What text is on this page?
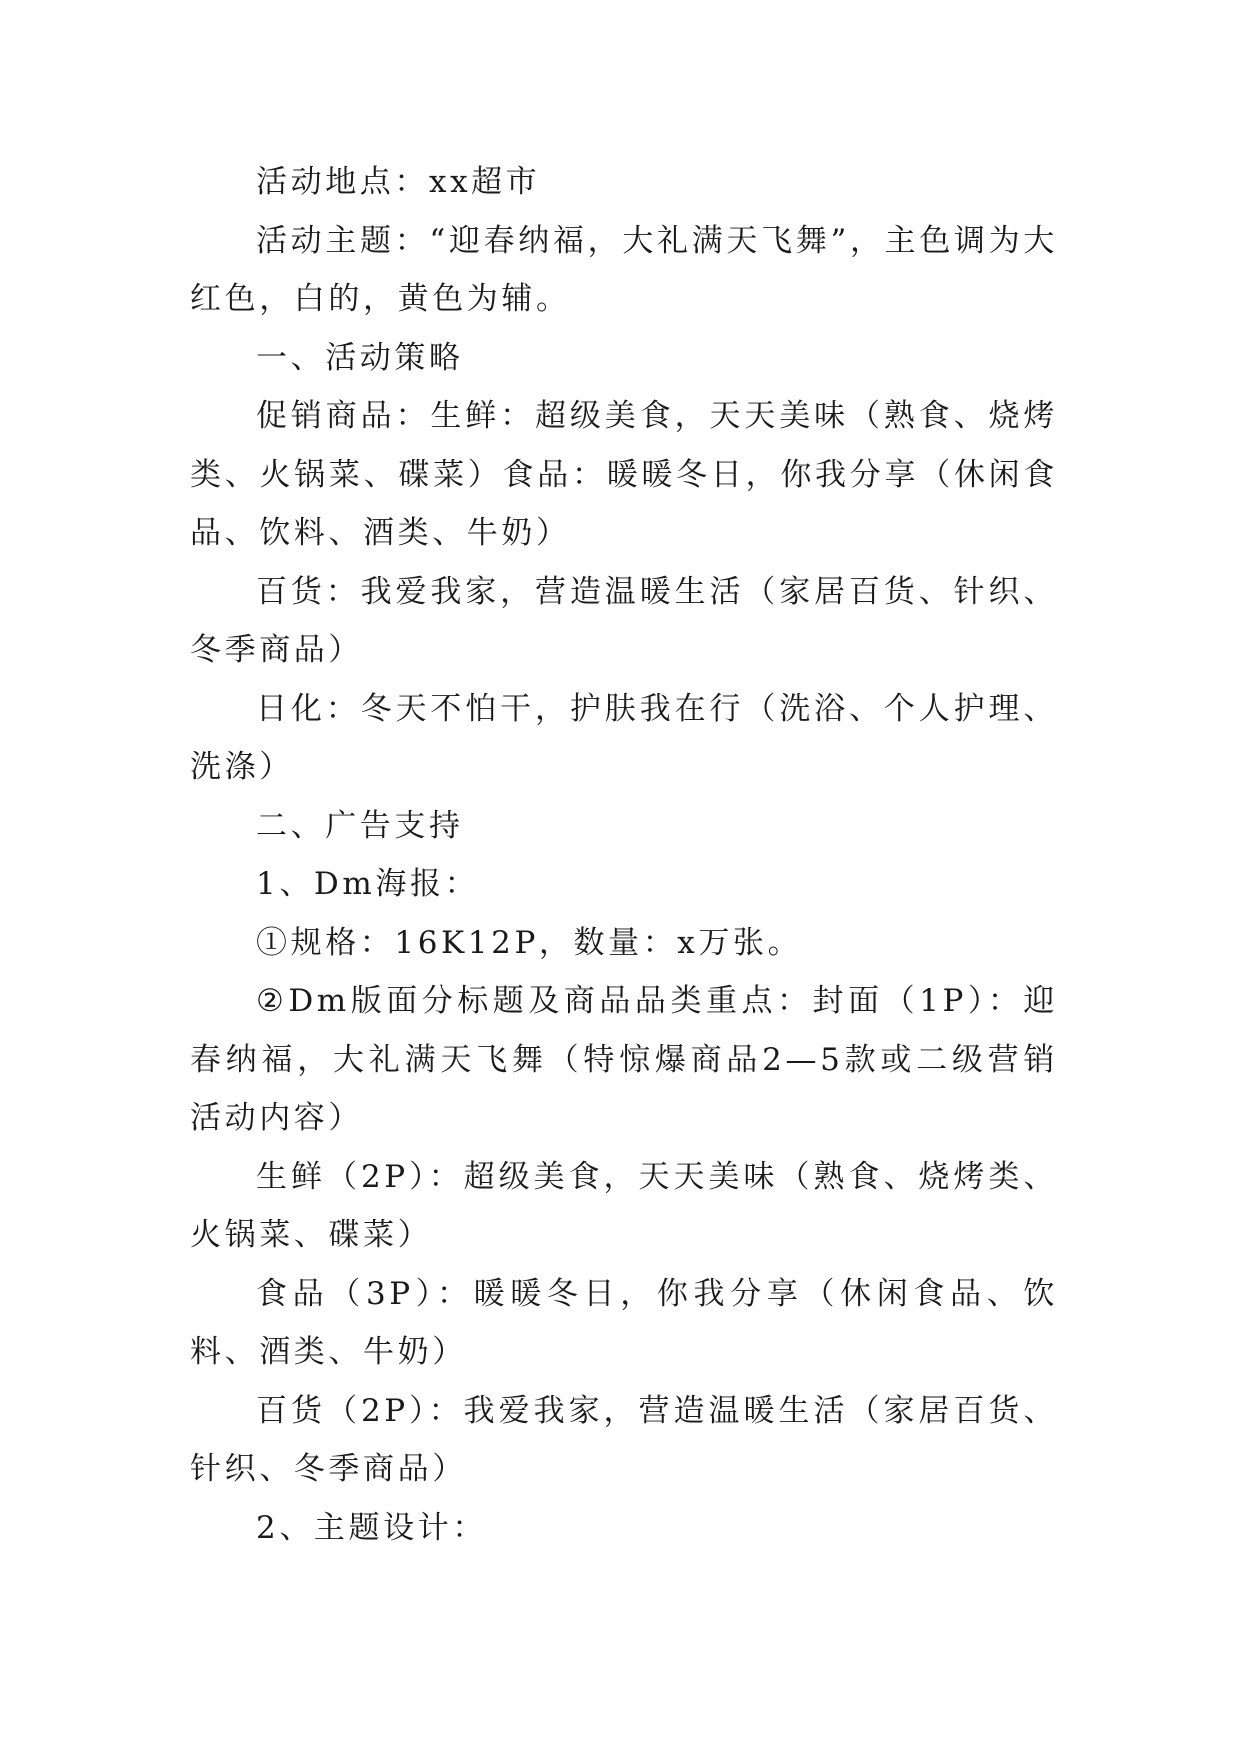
活动地点：xx超市

活动主题：“迎春纳福，大礼满天飞舞”，主色调为大红色，白的，黄色为辅。

一、活动策略

促销商品：生鲜：超级美食，天天美味（熟食、烧烤类、火锅菜、碟菜）食品：暖暖冬日，你我分享（休闲食品、饮料、酒类、牛奶）

百货：我爱我家，营造温暖生活（家居百货、针织、冬季商品）

日化：冬天不怕干，护肤我在行（洗浴、个人护理、洗涤）

二、广告支持

1、Dm海报：

①规格：16K12P，数量：x万张。

②Dm版面分标题及商品品类重点：封面（1P）：迎春纳福，大礼满天飞舞（特惊爆商品2—5款或二级营销活动内容）

生鲜（2P）：超级美食，天天美味（熟食、烧烤类、火锅菜、碟菜）

食品（3P）：暖暖冬日，你我分享（休闲食品、饮料、酒类、牛奶）

百货（2P）：我爱我家，营造温暖生活（家居百货、针织、冬季商品）

2、主题设计：
